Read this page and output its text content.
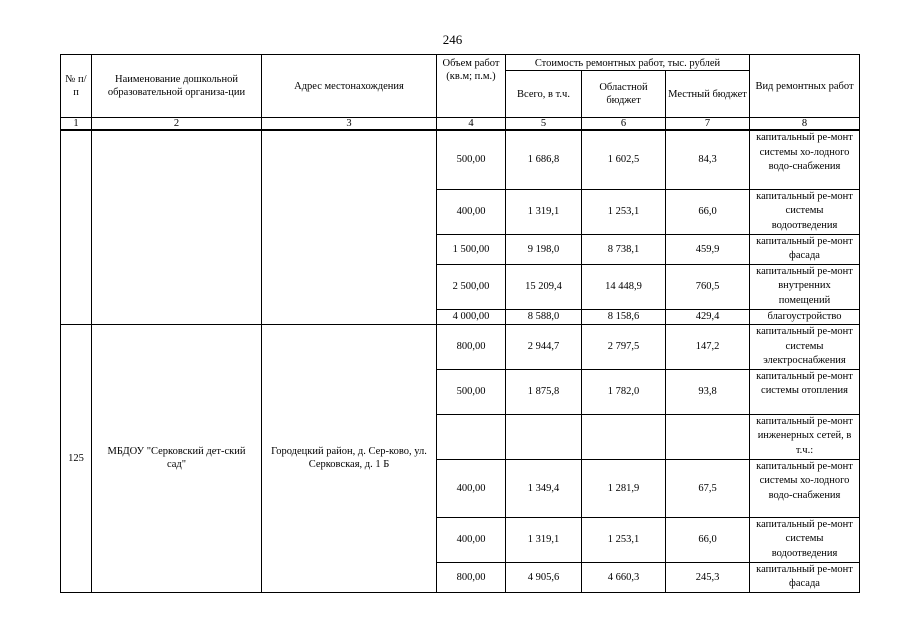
246
№ п/п	Наименование дошкольной образовательной организа-ции	Адрес местонахождения	Объем работ (кв.м; п.м.)	Стоимость ремонтных работ, тыс. рублей			Вид ремонтных работ
				Всего, в т.ч.	Областной бюджет	Местный бюджет	
1	2	3	4	5	6	7	8
			500,00	1 686,8	1 602,5	84,3	капитальный ре-монт системы хо-лодного водо-снабжения
			400,00	1 319,1	1 253,1	66,0	капитальный ре-монт системы водоотведения
			1 500,00	9 198,0	8 738,1	459,9	капитальный ре-монт фасада
			2 500,00	15 209,4	14 448,9	760,5	капитальный ре-монт внутренних помещений
			4 000,00	8 588,0	8 158,6	429,4	благоустройство
125	МБДОУ "Серковский дет-ский сад"	Городецкий район, д. Сер-ково, ул. Серковская, д. 1 Б	800,00	2 944,7	2 797,5	147,2	капитальный ре-монт системы электроснабжения
			500,00	1 875,8	1 782,0	93,8	капитальный ре-монт системы отопления
							капитальный ре-монт инженерных сетей, в т.ч.:
			400,00	1 349,4	1 281,9	67,5	капитальный ре-монт системы хо-лодного водо-снабжения
			400,00	1 319,1	1 253,1	66,0	капитальный ре-монт системы водоотведения
			800,00	4 905,6	4 660,3	245,3	капитальный ре-монт фасада
